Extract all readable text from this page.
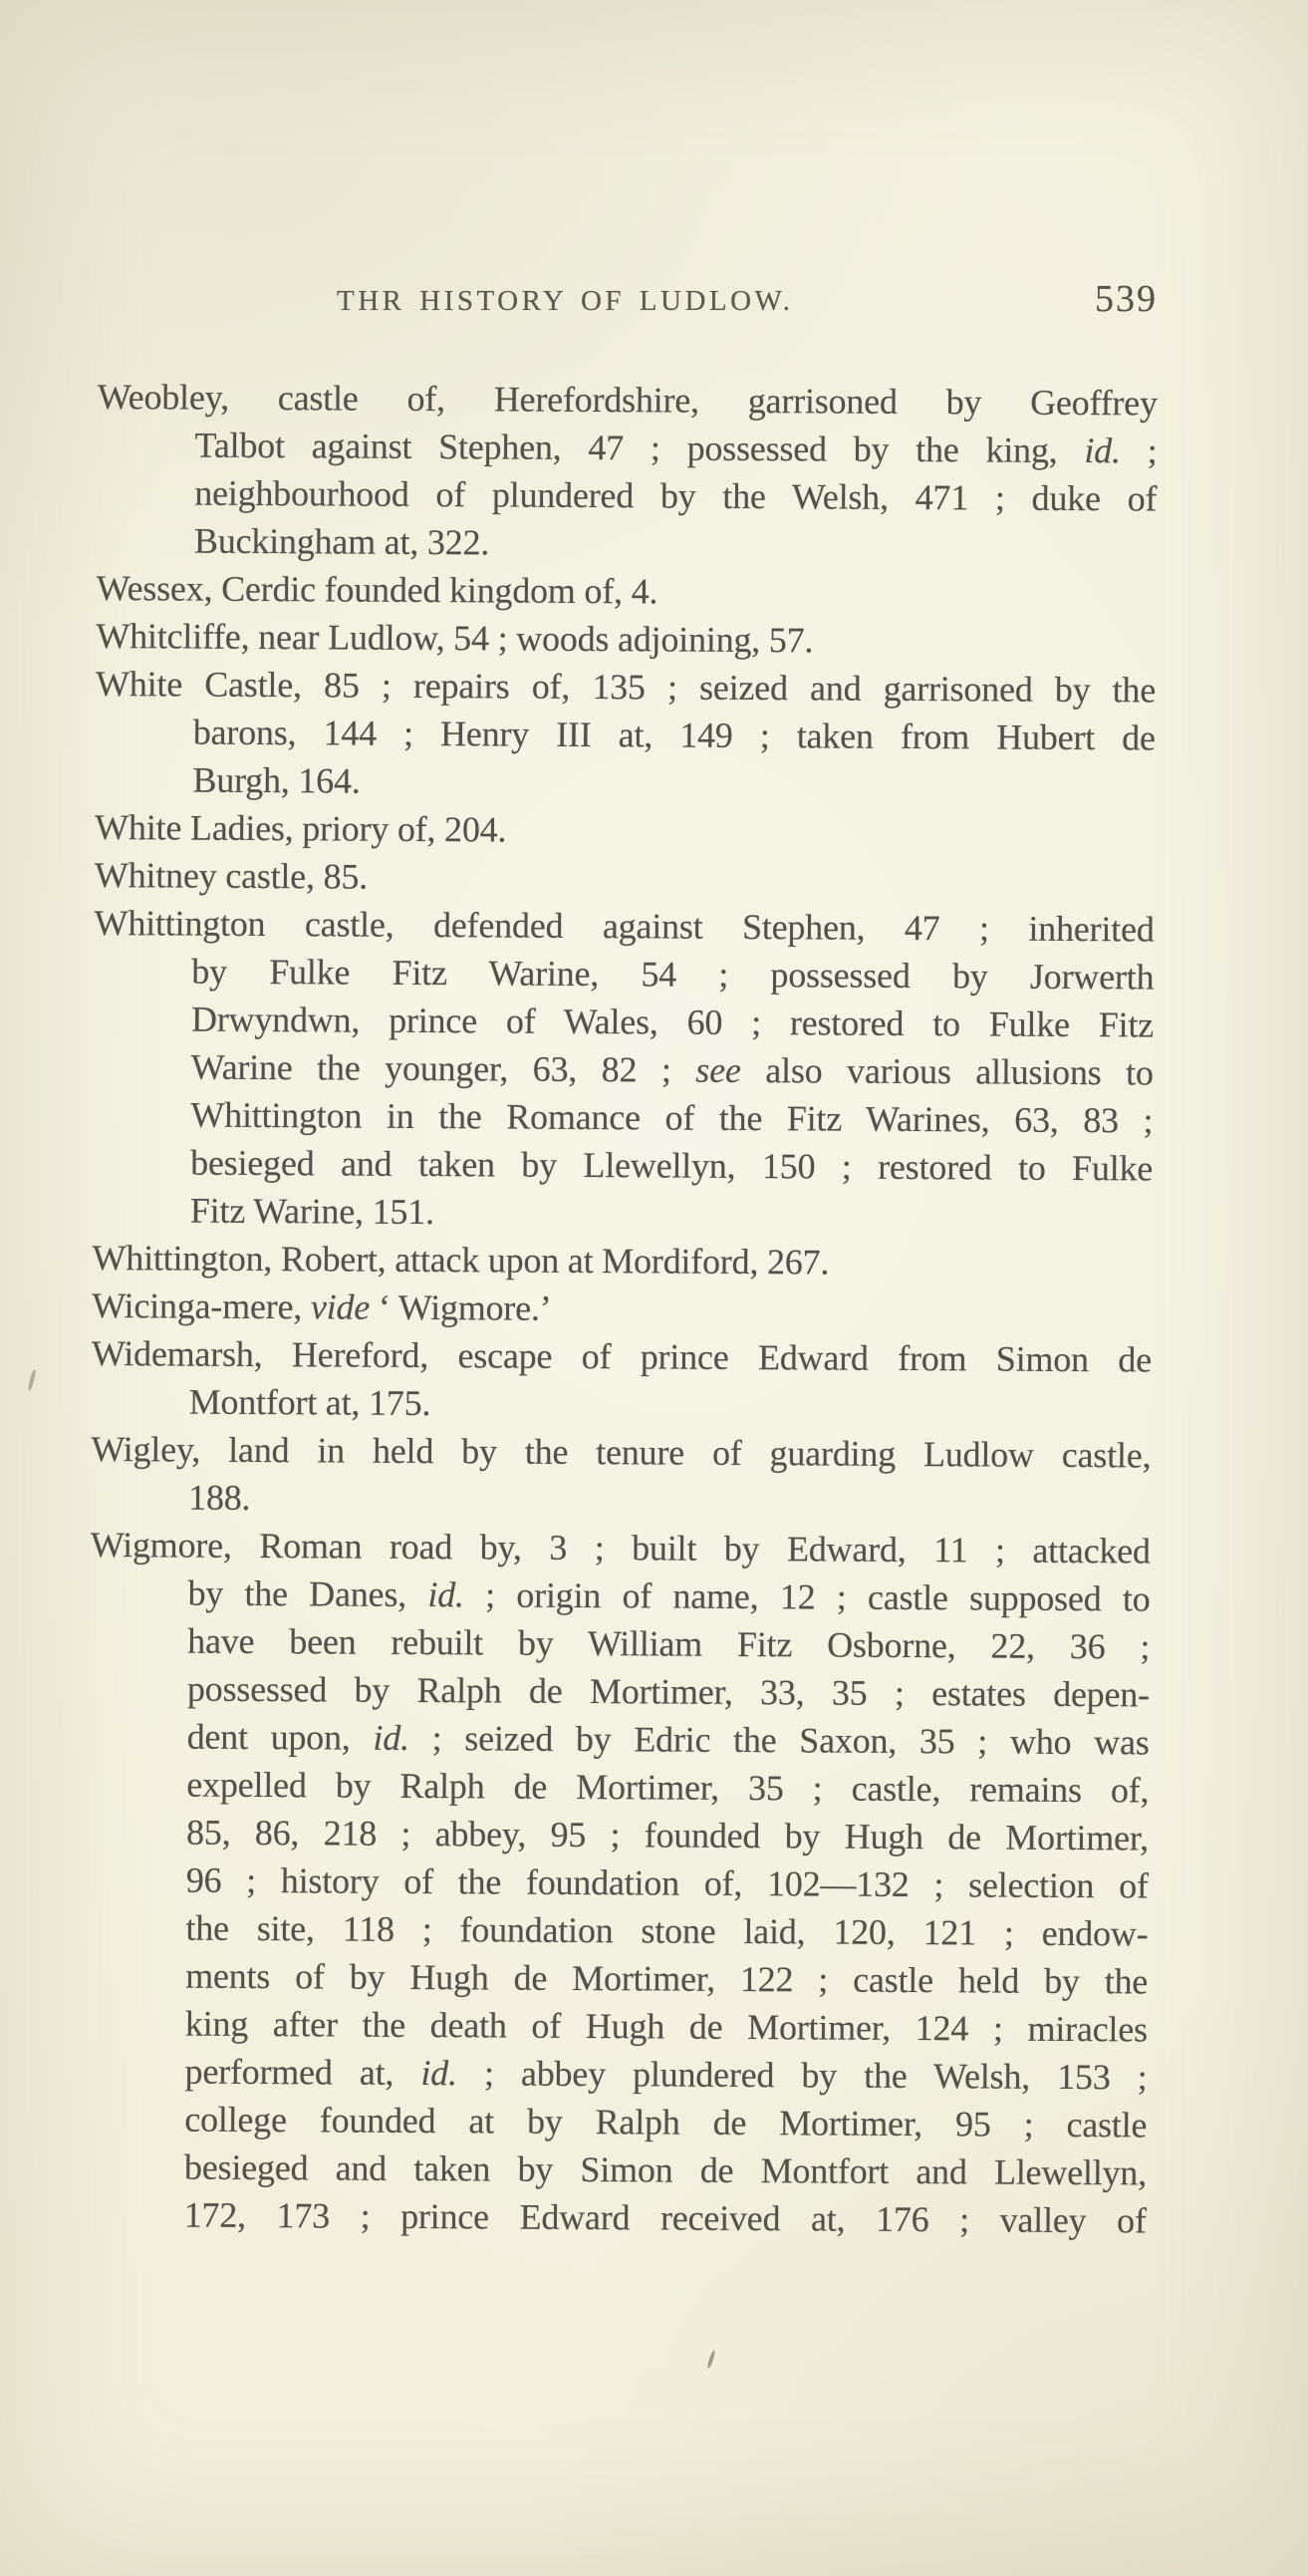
THR HISTORY OF LUDLOW.	539
Weobley, castle of, Herefordshire, garrisoned by Geoffrey
Talbot against Stephen, 47 ; possessed by the king, id. ;
neighbourhood of plundered by the Welsh, 471 ; duke of
Buckingham at, 322.
Wessex, Cerdic founded kingdom of, 4.
Whitcliffe, near Ludlow, 54 ; woods adjoining, 57.
White Castle, 85 ; repairs of, 135 ; seized and garrisoned by the
barons, 144 ; Henry III at, 149 ; taken from Hubert de
Burgh, 164.
White Ladies, priory of, 204.
Whitney castle, 85.
Whittington castle, defended against Stephen, 47 ; inherited
by Fulke Fitz Warine, 54 ; possessed by Jorwerth
Drwyndwn, prince of Wales, 60 ; restored to Fulke Fitz
Warine the younger, 63, 82 ; see also various allusions to
Whittington in the Romance of the Fitz Warines, 63, 83 ;
besieged and taken by Llewellyn, 150 ; restored to Fulke
Fitz Warine, 151.
Whittington, Robert, attack upon at Mordiford, 267.
Wicinga-mere, vide ‘ Wigmore.’
Widemarsh, Hereford, escape of prince Edward from Simon de
Montfort at, 175.
Wigley, land in held by the tenure of guarding Ludlow castle,
188.
Wigmore, Roman road by, 3 ; built by Edward, 11 ; attacked
by the Danes, id. ; origin of name, 12 ; castle supposed to
have been rebuilt by William Fitz Osborne, 22, 36 ;
possessed by Ralph de Mortimer, 33, 35 ; estates depen-
dent upon, id. ; seized by Edric the Saxon, 35 ; who was
expelled by Ralph de Mortimer, 35 ; castle, remains of,
85, 86, 218 ; abbey, 95 ; founded by Hugh de Mortimer,
96 ; history of the foundation of, 102—132 ; selection of
the site, 118 ; foundation stone laid, 120, 121 ; endow-
ments of by Hugh de Mortimer, 122 ; castle held by the
king after the death of Hugh de Mortimer, 124 ; miracles
performed at, id. ; abbey plundered by the Welsh, 153 ;
college founded at by Ralph de Mortimer, 95 ; castle
besieged and taken by Simon de Montfort and Llewellyn,
172, 173 ; prince Edward received at, 176 ; valley of
